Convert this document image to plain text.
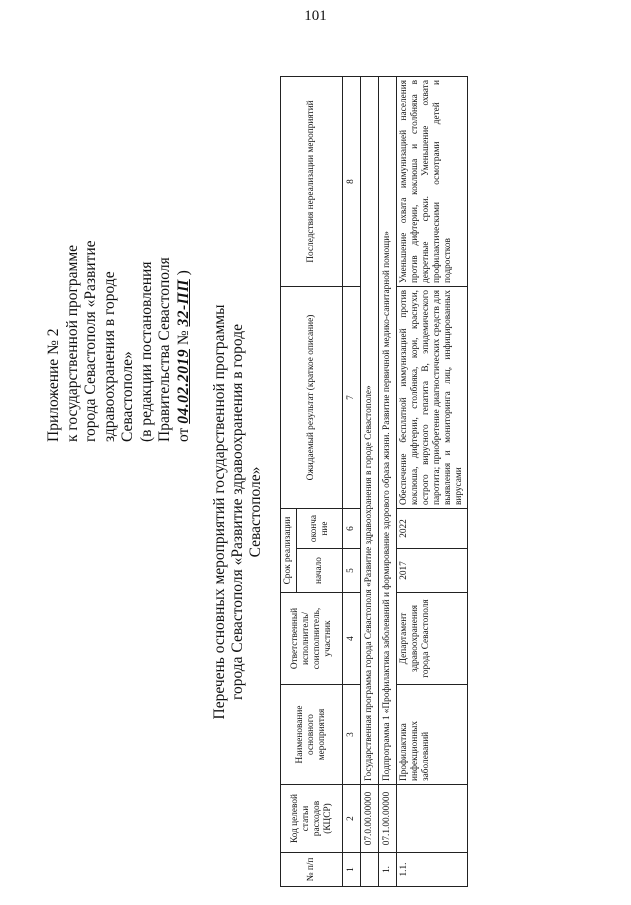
101
Приложение № 2 к государственной программе города Севастополя «Развитие здравоохранения в городе Севастополе» (в редакции постановления Правительства Севастополя от 04.02.2019 № 32-ПП )
Перечень основных мероприятий государственной программы города Севастополя «Развитие здравоохранения в городе Севастополе»
№ п/п	Код целевой статьи расходов (КЦСР)	Наименование основного мероприятия	Ответственный исполнитель/ соисполнитель, участник	Срок реализации		Ожидаемый результат (краткое описание)	Последствия нереализации мероприятий
				начало	оконча ние		
1	2	3	4	5	6	7	8
	07.0.00.00000	Государственная программа города Севастополя «Развитие здравоохранения в городе Севастополе»					
1.	07.1.00.00000	Подпрограмма 1 «Профилактика заболеваний и формирование здорового образа жизни. Развитие первичной медико-санитарной помощи»					
1.1.		Профилактика инфекционных заболеваний	Департамент здравоохранения города Севастополя	2017	2022	Обеспечение бесплатной иммунизацией против коклюша, дифтерии, столбняка, кори, краснухи, острого вирусного гепатита В, эпидемического паротита; приобретение диагностических средств для выявления и мониторинга лиц, инфицированных вирусами	Уменьшение охвата иммунизацией населения против дифтерии, коклюша и столбняка в декретные сроки. Уменьшение охвата профилактическими осмотрами детей и подростков
